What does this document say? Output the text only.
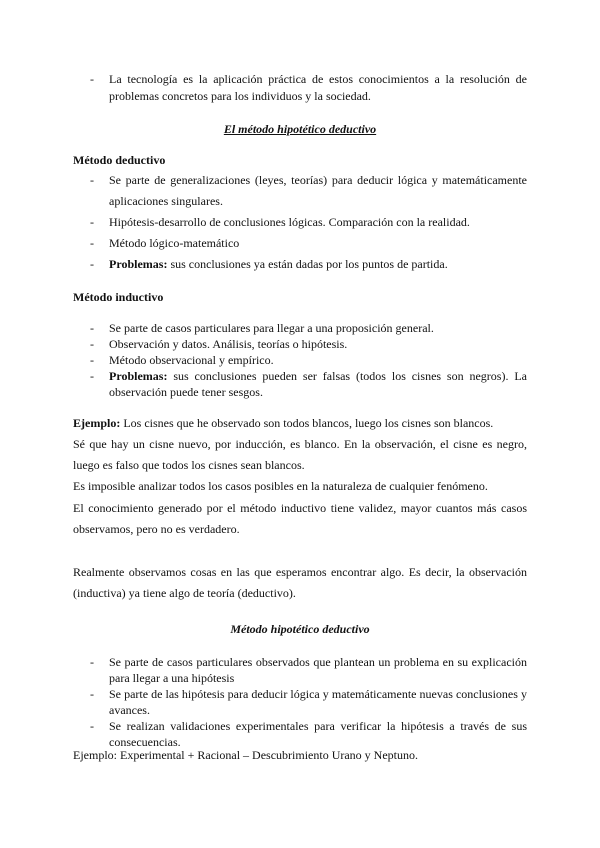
- La tecnología es la aplicación práctica de estos conocimientos a la resolución de problemas concretos para los individuos y la sociedad.
El método hipotético deductivo
Método deductivo
- Se parte de generalizaciones (leyes, teorías) para deducir lógica y matemáticamente aplicaciones singulares.
- Hipótesis-desarrollo de conclusiones lógicas. Comparación con la realidad.
- Método lógico-matemático
- Problemas: sus conclusiones ya están dadas por los puntos de partida.
Método inductivo
- Se parte de casos particulares para llegar a una proposición general.
- Observación y datos. Análisis, teorías o hipótesis.
- Método observacional y empírico.
- Problemas: sus conclusiones pueden ser falsas (todos los cisnes son negros). La observación puede tener sesgos.

Ejemplo: Los cisnes que he observado son todos blancos, luego los cisnes son blancos.

Sé que hay un cisne nuevo, por inducción, es blanco. En la observación, el cisne es negro, luego es falso que todos los cisnes sean blancos.

Es imposible analizar todos los casos posibles en la naturaleza de cualquier fenómeno.

El conocimiento generado por el método inductivo tiene validez, mayor cuantos más casos observamos, pero no es verdadero.

Realmente observamos cosas en las que esperamos encontrar algo. Es decir, la observación (inductiva) ya tiene algo de teoría (deductivo).

Método hipotético deductivo
- Se parte de casos particulares observados que plantean un problema en su explicación para llegar a una hipótesis
- Se parte de las hipótesis para deducir lógica y matemáticamente nuevas conclusiones y avances.
- Se realizan validaciones experimentales para verificar la hipótesis a través de sus consecuencias.

Ejemplo: Experimental + Racional – Descubrimiento Urano y Neptuno.
